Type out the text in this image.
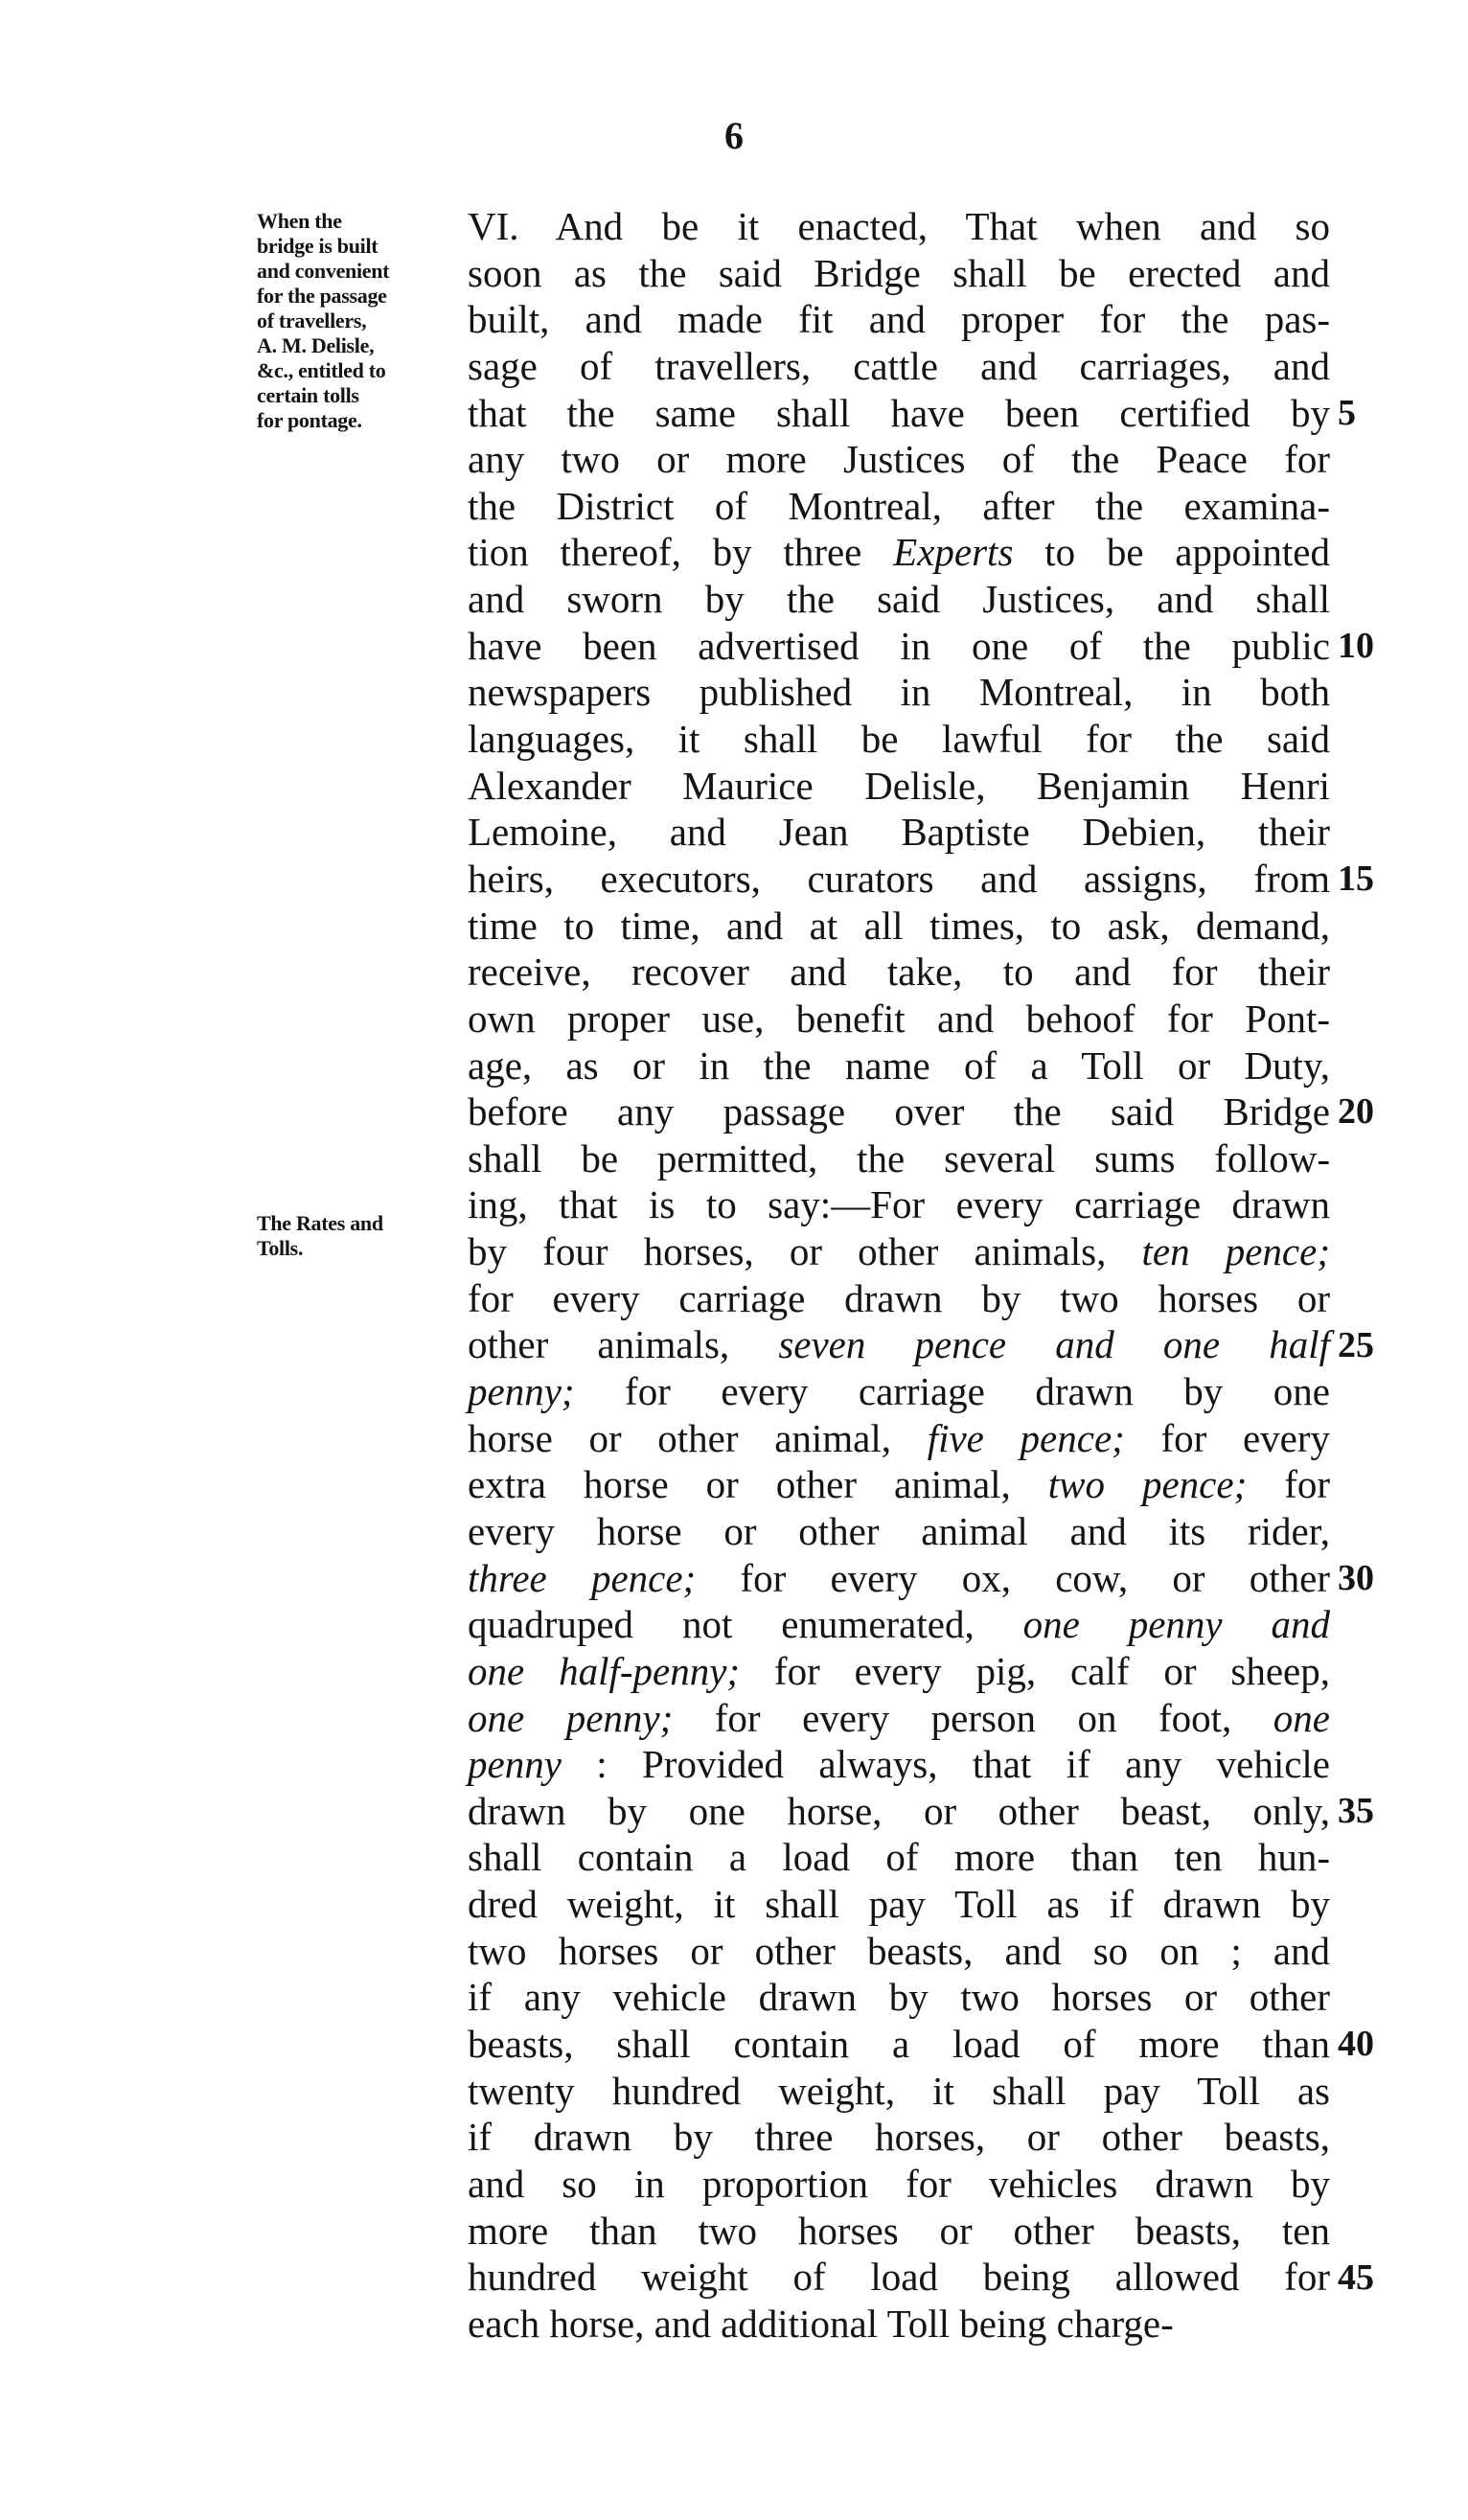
6

When the
bridge is built
and convenient
for the passage
of travellers,
A. M. Delisle,
&c., entitled to
certain tolls
for pontage.

The Rates and
Tolls.

VI. And be it enacted, That when and so
soon as the said Bridge shall be erected and
built, and made fit and proper for the pas-
sage of travellers, cattle and carriages, and
that the same shall have been certified by
any two or more Justices of the Peace for
the District of Montreal, after the examina-
tion thereof, by three Experts to be appointed
and sworn by the said Justices, and shall
have been advertised in one of the public
newspapers published in Montreal, in both
languages, it shall be lawful for the said
Alexander Maurice Delisle, Benjamin Henri
Lemoine, and Jean Baptiste Debien, their
heirs, executors, curators and assigns, from
time to time, and at all times, to ask, demand,
receive, recover and take, to and for their
own proper use, benefit and behoof for Pont-
age, as or in the name of a Toll or Duty,
before any passage over the said Bridge
shall be permitted, the several sums follow-
ing, that is to say:—For every carriage drawn
by four horses, or other animals, ten pence;
for every carriage drawn by two horses or
other animals, seven pence and one half
penny; for every carriage drawn by one
horse or other animal, five pence; for every
extra horse or other animal, two pence; for
every horse or other animal and its rider,
three pence; for every ox, cow, or other
quadruped not enumerated, one penny and
one half-penny; for every pig, calf or sheep,
one penny; for every person on foot, one
penny : Provided always, that if any vehicle
drawn by one horse, or other beast, only,
shall contain a load of more than ten hun-
dred weight, it shall pay Toll as if drawn by
two horses or other beasts, and so on ; and
if any vehicle drawn by two horses or other
beasts, shall contain a load of more than
twenty hundred weight, it shall pay Toll as
if drawn by three horses, or other beasts,
and so in proportion for vehicles drawn by
more than two horses or other beasts, ten
hundred weight of load being allowed for
each horse, and additional Toll being charge-
5
10
15
20
25
30
35
40
45
